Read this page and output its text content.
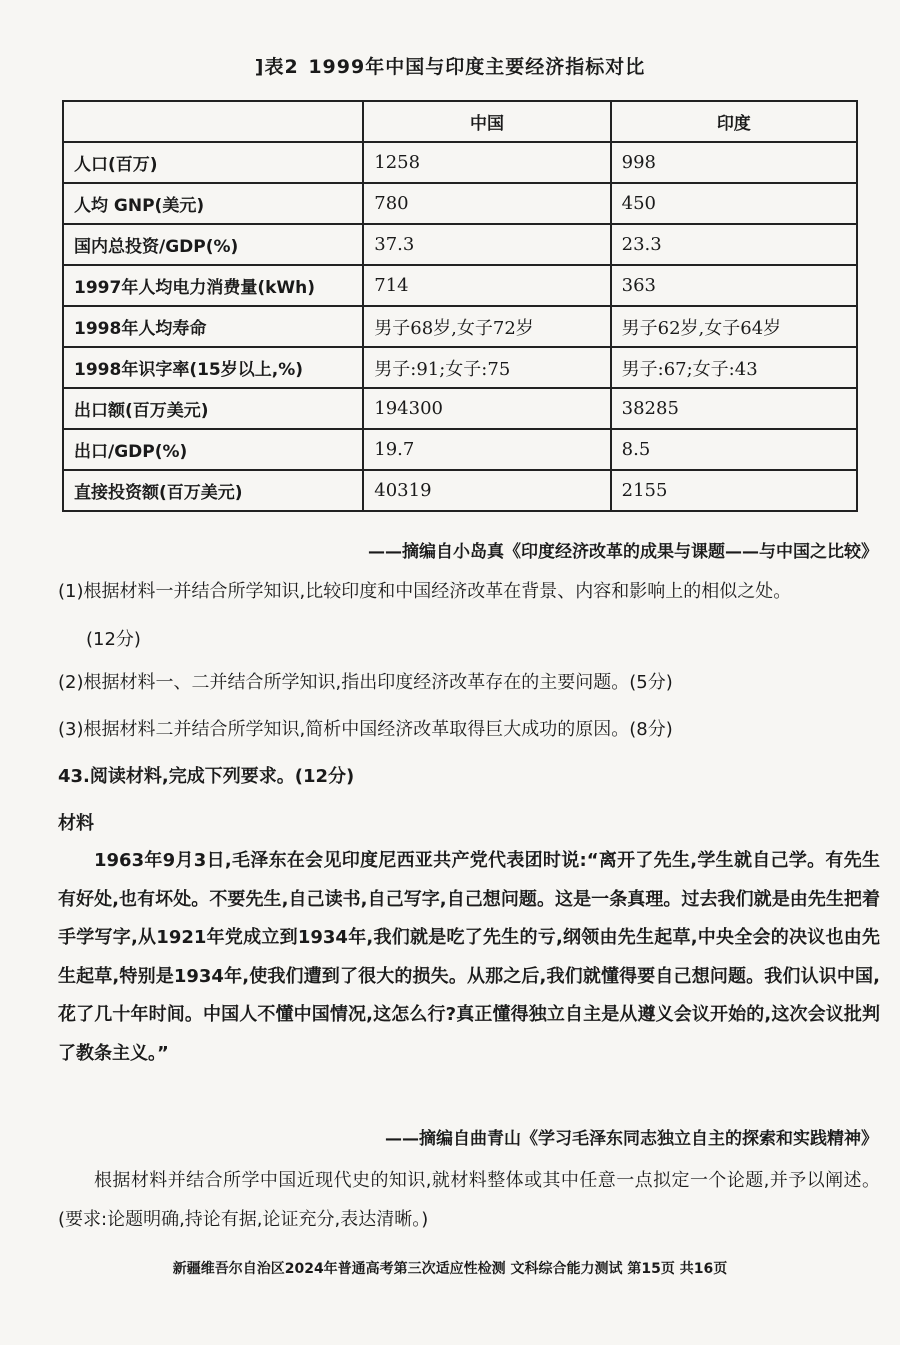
]表2 1999年中国与印度主要经济指标对比
	中国	印度
人口(百万)	1258	998
人均 GNP(美元)	780	450
国内总投资/GDP(%)	37.3	23.3
1997年人均电力消费量(kWh)	714	363
1998年人均寿命	男子68岁,女子72岁	男子62岁,女子64岁
1998年识字率(15岁以上,%)	男子:91;女子:75	男子:67;女子:43
出口额(百万美元)	194300	38285
出口/GDP(%)	19.7	8.5
直接投资额(百万美元)	40319	2155
——摘编自小岛真《印度经济改革的成果与课题——与中国之比较》
(1)根据材料一并结合所学知识,比较印度和中国经济改革在背景、内容和影响上的相似之处。
(12分)
(2)根据材料一、二并结合所学知识,指出印度经济改革存在的主要问题。(5分)
(3)根据材料二并结合所学知识,简析中国经济改革取得巨大成功的原因。(8分)
43.阅读材料,完成下列要求。(12分)
材料
1963年9月3日,毛泽东在会见印度尼西亚共产党代表团时说:“离开了先生,学生就自己学。有先生有好处,也有坏处。不要先生,自己读书,自己写字,自己想问题。这是一条真理。过去我们就是由先生把着手学写字,从1921年党成立到1934年,我们就是吃了先生的亏,纲领由先生起草,中央全会的决议也由先生起草,特别是1934年,使我们遭到了很大的损失。从那之后,我们就懂得要自己想问题。我们认识中国,花了几十年时间。中国人不懂中国情况,这怎么行?真正懂得独立自主是从遵义会议开始的,这次会议批判了教条主义。”
——摘编自曲青山《学习毛泽东同志独立自主的探索和实践精神》
根据材料并结合所学中国近现代史的知识,就材料整体或其中任意一点拟定一个论题,并予以阐述。(要求:论题明确,持论有据,论证充分,表达清晰。)
新疆维吾尔自治区2024年普通高考第三次适应性检测 文科综合能力测试 第15页 共16页
